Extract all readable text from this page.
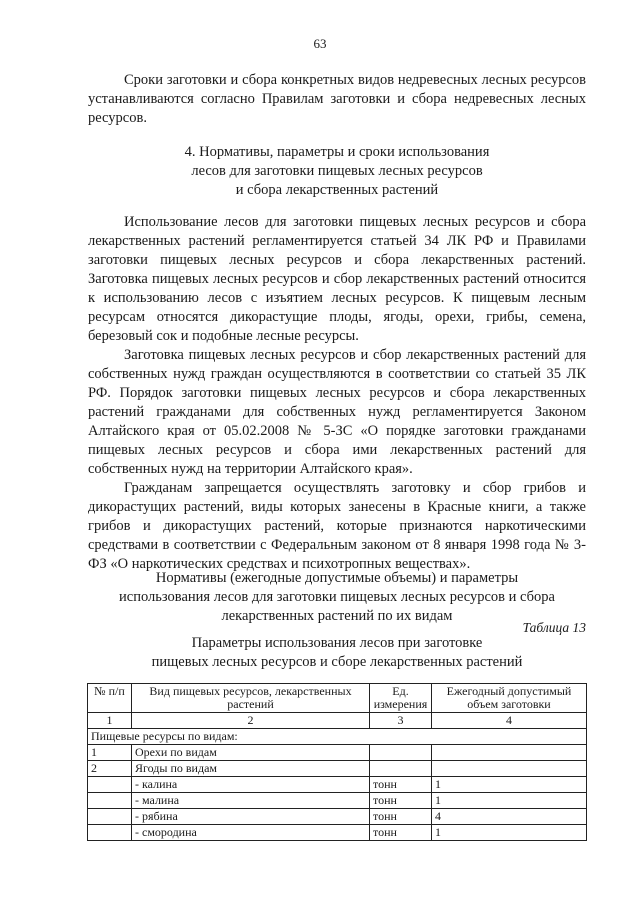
63

Сроки заготовки и сбора конкретных видов недревесных лесных ресурсов устанавливаются согласно Правилам заготовки и сбора недревесных лесных ресурсов.

4. Нормативы, параметры и сроки использования

лесов для заготовки пищевых лесных ресурсов

и сбора лекарственных растений

Использование лесов для заготовки пищевых лесных ресурсов и сбора лекарственных растений регламентируется статьей 34 ЛК РФ и Правилами заготовки пищевых лесных ресурсов и сбора лекарственных растений. Заготовка пищевых лесных ресурсов и сбор лекарственных растений относится к использованию лесов с изъятием лесных ресурсов. К пищевым лесным ресурсам относятся дикорастущие плоды, ягоды, орехи, грибы, семена, березовый сок и подобные лесные ресурсы.

Заготовка пищевых лесных ресурсов и сбор лекарственных растений для собственных нужд граждан осуществляются в соответствии со статьей 35 ЛК РФ. Порядок заготовки пищевых лесных ресурсов и сбора лекарственных растений гражданами для собственных нужд регламентируется Законом Алтайского края от 05.02.2008 № 5-ЗС «О порядке заготовки гражданами пищевых лесных ресурсов и сбора ими лекарственных растений для собственных нужд на территории Алтайского края».

Гражданам запрещается осуществлять заготовку и сбор грибов и дикорастущих растений, виды которых занесены в Красные книги, а также грибов и дикорастущих растений, которые признаются наркотическими средствами в соответствии с Федеральным законом от 8 января 1998 года № 3-ФЗ «О наркотических средствах и психотропных веществах».

Нормативы (ежегодные допустимые объемы) и параметры

использования лесов для заготовки пищевых лесных ресурсов и сбора

лекарственных растений по их видам

Таблица 13

Параметры использования лесов при заготовке

пищевых лесных ресурсов и сборе лекарственных растений

№ п/п	Вид пищевых ресурсов, лекарственных растений	Ед. измерения	Ежегодный допустимый объем заготовки
1	2	3	4
Пищевые ресурсы по видам:			
1	Орехи по видам		
2	Ягоды по видам		
	- калина	тонн	1
	- малина	тонн	1
	- рябина	тонн	4
	- смородина	тонн	1
